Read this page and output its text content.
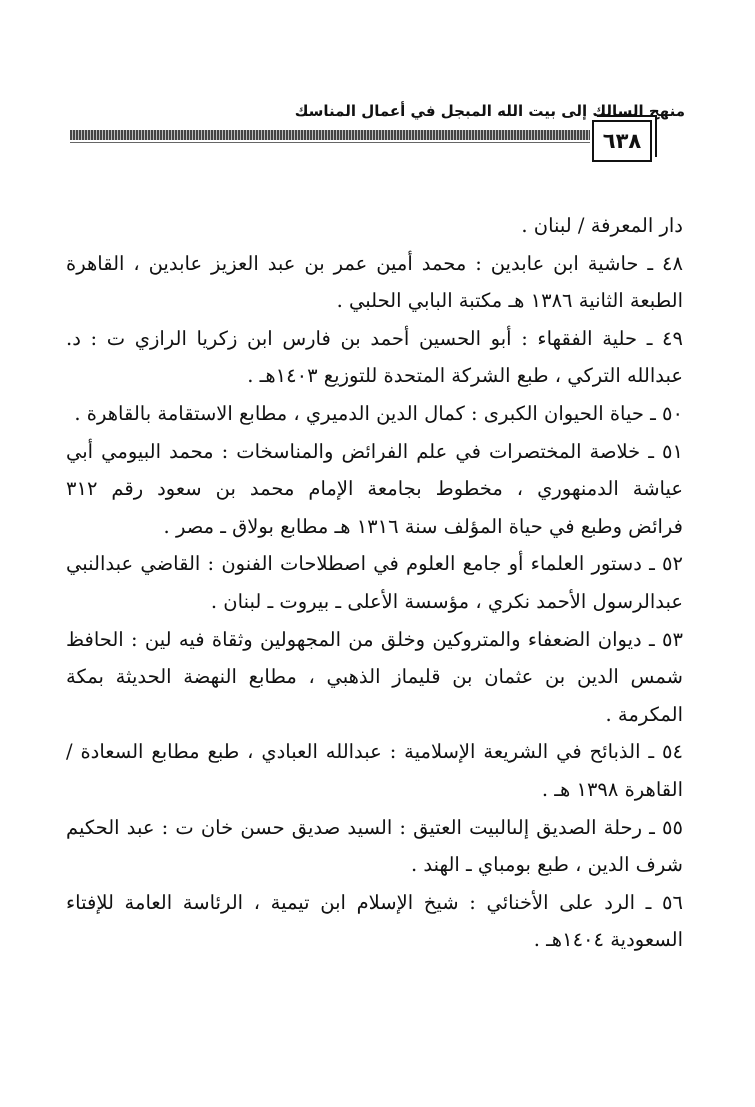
منهج السالك إلى بيت الله المبجل في أعمال المناسك
٦٣٨
دار المعرفة / لبنان .
٤٨ ـ حاشية ابن عابدين : محمد أمين عمر بن عبد العزيز عابدين ، القاهرة
الطبعة الثانية ١٣٨٦ هـ مكتبة البابي الحلبي .
٤٩ ـ حلية الفقهاء : أبو الحسين أحمد بن فارس ابن زكريا الرازي ت : د.
عبدالله التركي ، طبع الشركة المتحدة للتوزيع ١٤٠٣هـ .
٥٠ ـ حياة الحيوان الكبرى : كمال الدين الدميري ، مطابع الاستقامة بالقاهرة .
٥١ ـ خلاصة المختصرات في علم الفرائض والمناسخات : محمد البيومي أبي
عياشة الدمنهوري ، مخطوط بجامعة الإمام محمد بن سعود رقم ٣١٢
فرائض وطبع في حياة المؤلف سنة ١٣١٦ هـ مطابع بولاق ـ مصر .
٥٢ ـ دستور العلماء أو جامع العلوم في اصطلاحات الفنون : القاضي عبدالنبي
عبدالرسول الأحمد نكري ، مؤسسة الأعلى ـ بيروت ـ لبنان .
٥٣ ـ ديوان الضعفاء والمتروكين وخلق من المجهولين وثقاة فيه لين : الحافظ
شمس الدين بن عثمان بن قليماز الذهبي ، مطابع النهضة الحديثة بمكة
المكرمة .
٥٤ ـ الذبائح في الشريعة الإسلامية : عبدالله العبادي ، طبع مطابع السعادة /
القاهرة ١٣٩٨ هـ .
٥٥ ـ رحلة الصديق إلىالبيت العتيق : السيد صديق حسن خان ت : عبد الحكيم
شرف الدين ، طبع بومباي ـ الهند .
٥٦ ـ الرد على الأخنائي : شيخ الإسلام ابن تيمية ، الرئاسة العامة للإفتاء
السعودية ١٤٠٤هـ .
